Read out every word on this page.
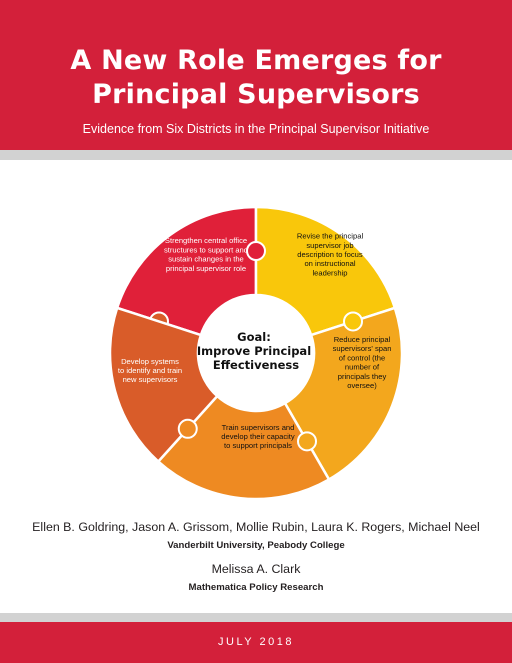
A New Role Emerges for
Principal Supervisors
Evidence from Six Districts in the Principal Supervisor Initiative
Strengthen central office structures to support and sustain changes in the principal supervisor role
Revise the principal supervisor job description to focus on instructional leadership
Reduce principal supervisors' span of control (the number of principals they oversee)
Train supervisors and develop their capacity to support principals
Develop systems to identify and train new supervisors
Goal: Improve Principal Effectiveness
Ellen B. Goldring, Jason A. Grissom, Mollie Rubin, Laura K. Rogers, Michael Neel
Vanderbilt University, Peabody College
Melissa A. Clark
Mathematica Policy Research
JULY 2018
